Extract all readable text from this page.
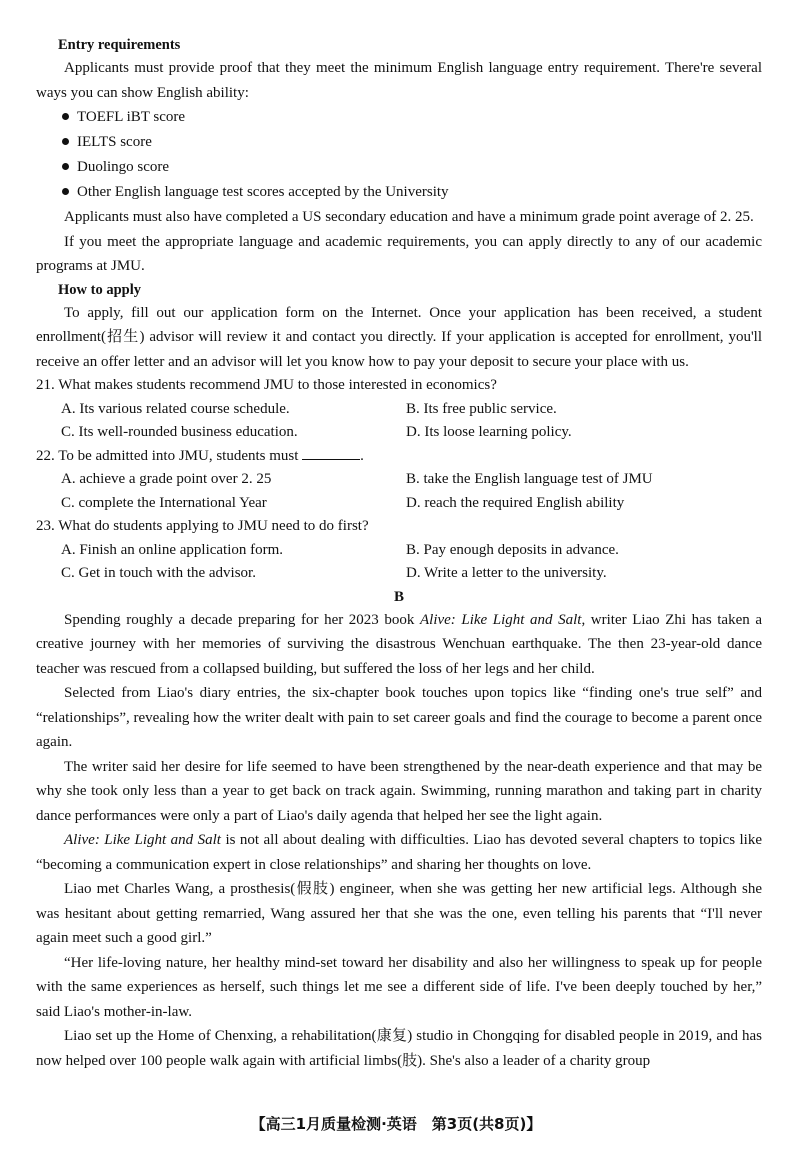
Entry requirements

Applicants must provide proof that they meet the minimum English language entry requirement. There're several ways you can show English ability:

TOEFL iBT score
IELTS score
Duolingo score
Other English language test scores accepted by the University

Applicants must also have completed a US secondary education and have a minimum grade point average of 2. 25.

If you meet the appropriate language and academic requirements, you can apply directly to any of our academic programs at JMU.

How to apply

To apply, fill out our application form on the Internet. Once your application has been received, a student enrollment(招生) advisor will review it and contact you directly. If your application is accepted for enrollment, you'll receive an offer letter and an advisor will let you know how to pay your deposit to secure your place with us.

21. What makes students recommend JMU to those interested in economics?

A. Its various related course schedule.	B. Its free public service.
C. Its well-rounded business education.	D. Its loose learning policy.

22. To be admitted into JMU, students must	.

A. achieve a grade point over 2. 25	B. take the English language test of JMU
C. complete the International Year	D. reach the required English ability

23. What do students applying to JMU need to do first?

A. Finish an online application form.	B. Pay enough deposits in advance.
C. Get in touch with the advisor.	D. Write a letter to the university.

B

Spending roughly a decade preparing for her 2023 book Alive: Like Light and Salt, writer Liao Zhi has taken a creative journey with her memories of surviving the disastrous Wenchuan earthquake. The then 23-year-old dance teacher was rescued from a collapsed building, but suffered the loss of her legs and her child.

Selected from Liao's diary entries, the six-chapter book touches upon topics like “finding one's true self” and “relationships”, revealing how the writer dealt with pain to set career goals and find the courage to become a parent once again.

The writer said her desire for life seemed to have been strengthened by the near-death experience and that may be why she took only less than a year to get back on track again. Swimming, running marathon and taking part in charity dance performances were only a part of Liao's daily agenda that helped her see the light again.

Alive: Like Light and Salt is not all about dealing with difficulties. Liao has devoted several chapters to topics like “becoming a communication expert in close relationships” and sharing her thoughts on love.

Liao met Charles Wang, a prosthesis(假肢) engineer, when she was getting her new artificial legs. Although she was hesitant about getting remarried, Wang assured her that she was the one, even telling his parents that “I'll never again meet such a good girl.”

“Her life-loving nature, her healthy mind-set toward her disability and also her willingness to speak up for people with the same experiences as herself, such things let me see a different side of life. I've been deeply touched by her,” said Liao's mother-in-law.

Liao set up the Home of Chenxing, a rehabilitation(康复) studio in Chongqing for disabled people in 2019, and has now helped over 100 people walk again with artificial limbs(肢). She's also a leader of a charity group

【高三1月质量检测·英语　第3页(共8页)】
